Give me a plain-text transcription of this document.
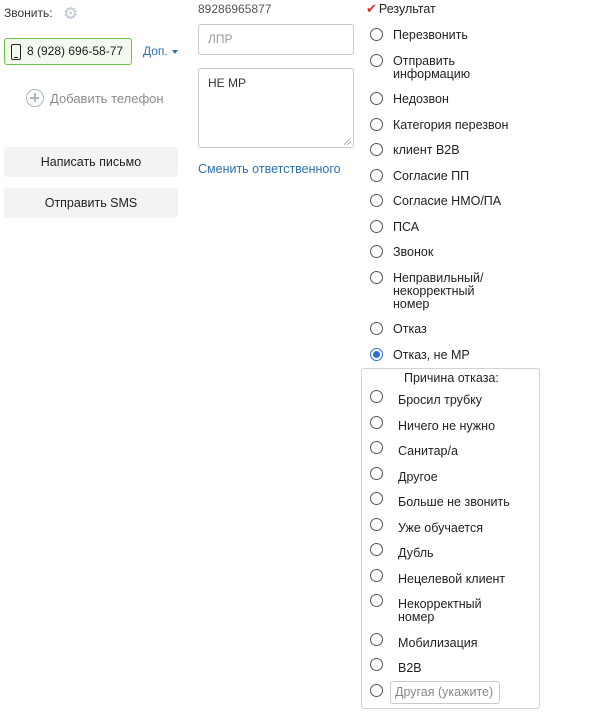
Звонить: ⚙
8 (928) 696-58-77 Доп.
Добавить телефон
Написать письмо
Отправить SMS
89286965877
ЛПР
НЕ МР
Сменить ответственного
✔ Результат
Перезвонить
Отправить
информацию
Недозвон
Категория перезвон
клиент B2B
Согласие ПП
Согласие НМО/ПА
ПСА
Звонок
Неправильный/
некорректный
номер
Отказ
Отказ, не МР
Причина отказа:
Бросил трубку
Ничего не нужно
Санитар/а
Другое
Больше не звонить
Уже обучается
Дубль
Нецелевой клиент
Некорректный
номер
Мобилизация
B2B
Другая (укажите)
